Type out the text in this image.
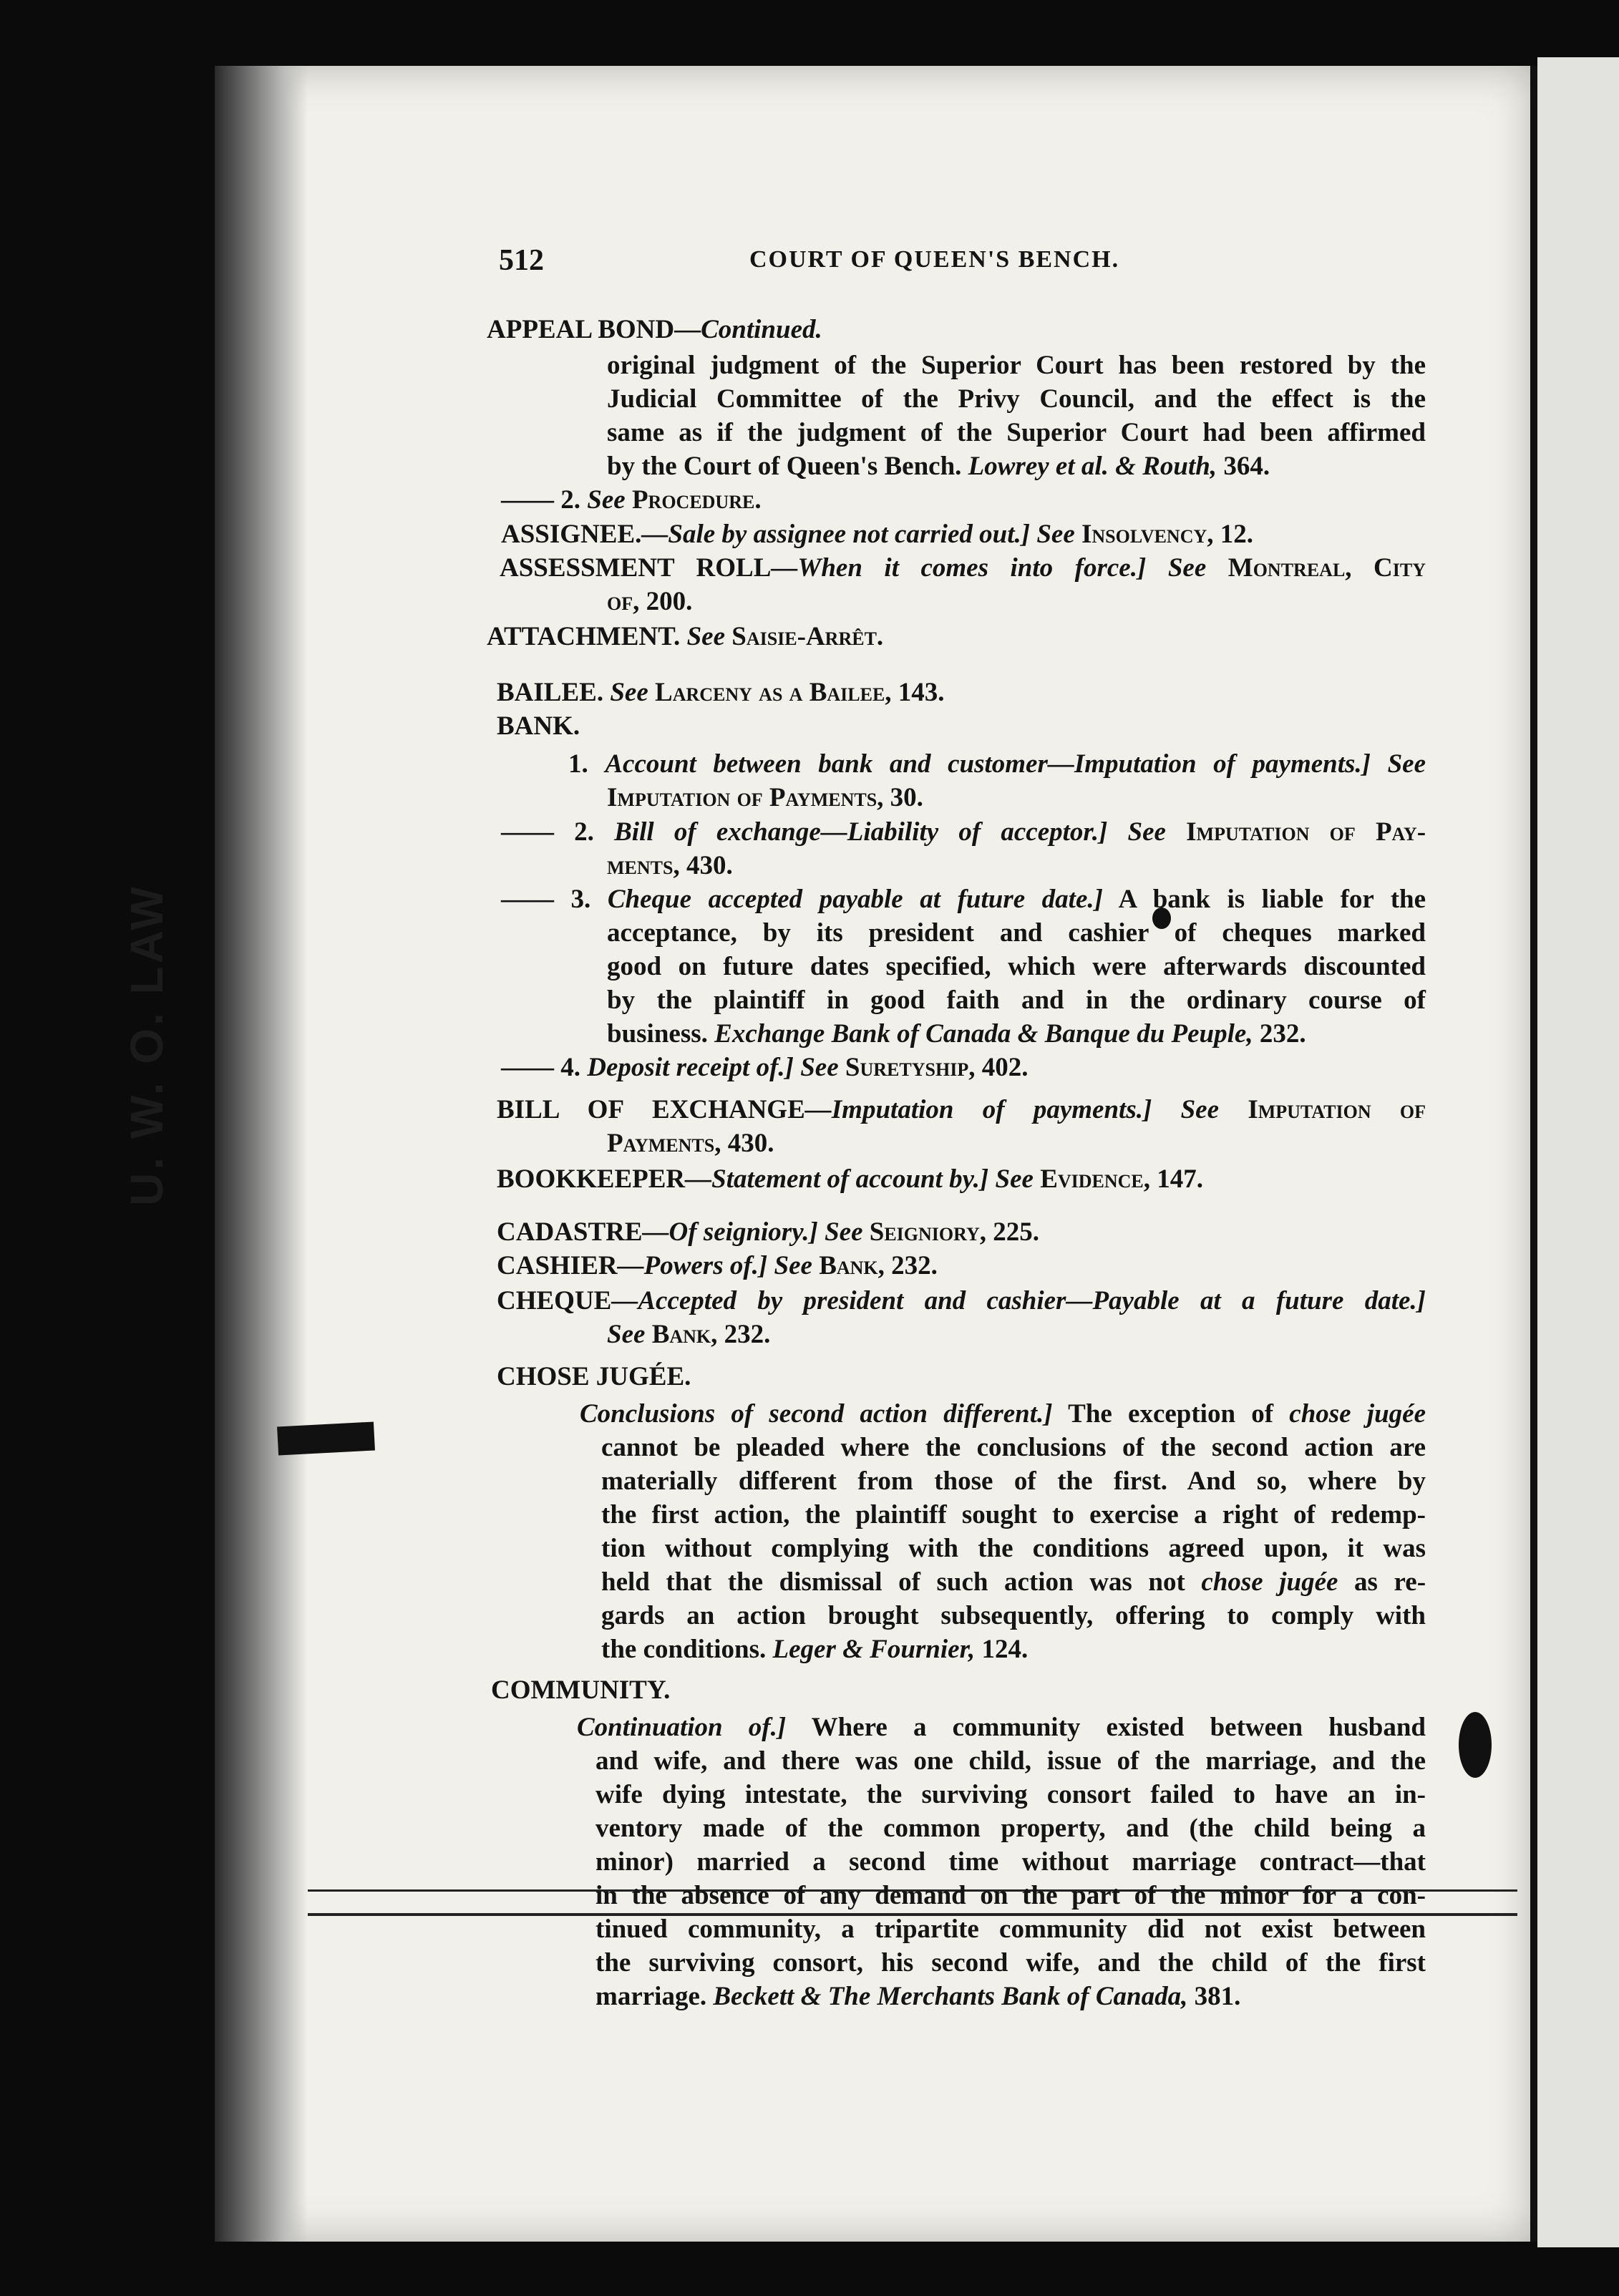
U. W. O. LAW
512	COURT OF QUEEN'S BENCH.
APPEAL BOND—Continued.
original judgment of the Superior Court has been restored by the
Judicial Committee of the Privy Council, and the effect is the
same as if the judgment of the Superior Court had been affirmed
by the Court of Queen's Bench. Lowrey et al. & Routh, 364.
—— 2. See Procedure.
ASSIGNEE.—Sale by assignee not carried out.] See Insolvency, 12.
ASSESSMENT ROLL—When it comes into force.] See Montreal, City
of, 200.
ATTACHMENT. See Saisie-Arrêt.
BAILEE. See Larceny as a Bailee, 143.
BANK.
1. Account between bank and customer—Imputation of payments.] See
Imputation of Payments, 30.
—— 2. Bill of exchange—Liability of acceptor.] See Imputation of Pay-
ments, 430.
—— 3. Cheque accepted payable at future date.] A bank is liable for the
acceptance, by its president and cashier of cheques marked
good on future dates specified, which were afterwards discounted
by the plaintiff in good faith and in the ordinary course of
business. Exchange Bank of Canada & Banque du Peuple, 232.
—— 4. Deposit receipt of.] See Suretyship, 402.
BILL OF EXCHANGE—Imputation of payments.] See Imputation of
Payments, 430.
BOOKKEEPER—Statement of account by.] See Evidence, 147.
CADASTRE—Of seigniory.] See Seigniory, 225.
CASHIER—Powers of.] See Bank, 232.
CHEQUE—Accepted by president and cashier—Payable at a future date.]
See Bank, 232.
CHOSE JUGÉE.
Conclusions of second action different.] The exception of chose jugée
cannot be pleaded where the conclusions of the second action are
materially different from those of the first. And so, where by
the first action, the plaintiff sought to exercise a right of redemp-
tion without complying with the conditions agreed upon, it was
held that the dismissal of such action was not chose jugée as re-
gards an action brought subsequently, offering to comply with
the conditions. Leger & Fournier, 124.
COMMUNITY.
Continuation of.] Where a community existed between husband
and wife, and there was one child, issue of the marriage, and the
wife dying intestate, the surviving consort failed to have an in-
ventory made of the common property, and (the child being a
minor) married a second time without marriage contract—that
in the absence of any demand on the part of the minor for a con-
tinued community, a tripartite community did not exist between
the surviving consort, his second wife, and the child of the first
marriage. Beckett & The Merchants Bank of Canada, 381.
